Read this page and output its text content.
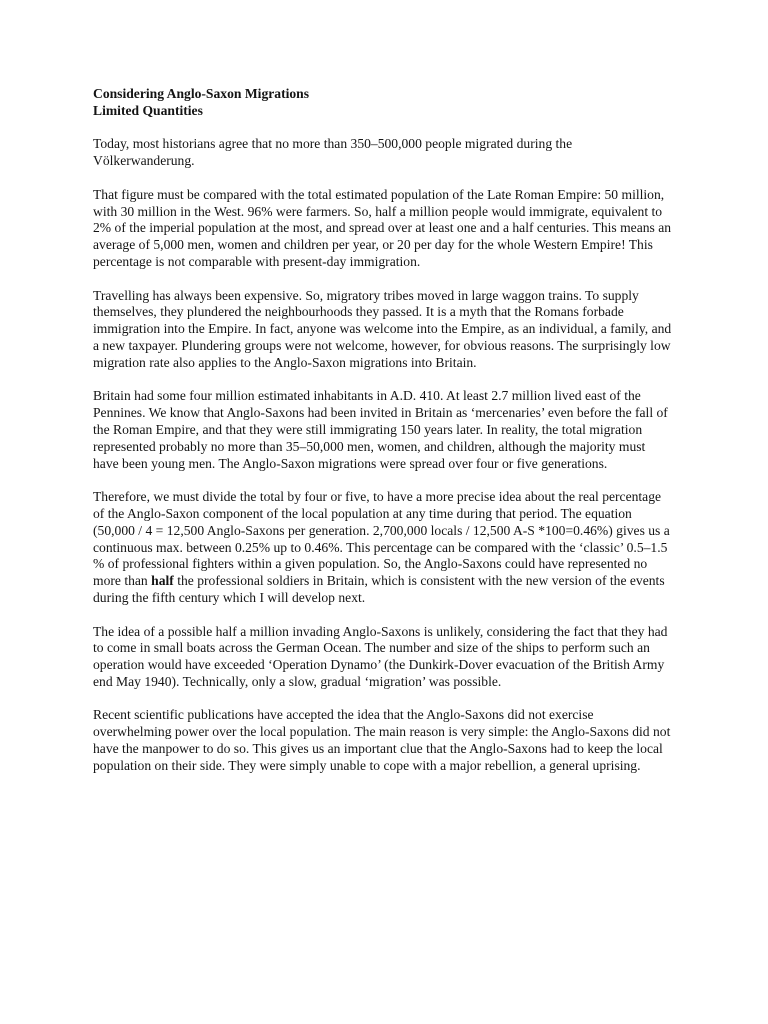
Considering Anglo-Saxon Migrations

Limited Quantities

Today, most historians agree that no more than 350–500,000 people migrated during the Völkerwanderung.

That figure must be compared with the total estimated population of the Late Roman Empire: 50 million, with 30 million in the West. 96% were farmers. So, half a million people would immigrate, equivalent to 2% of the imperial population at the most, and spread over at least one and a half centuries. This means an average of 5,000 men, women and children per year, or 20 per day for the whole Western Empire! This percentage is not comparable with present-day immigration.

Travelling has always been expensive. So, migratory tribes moved in large waggon trains. To supply themselves, they plundered the neighbourhoods they passed. It is a myth that the Romans forbade immigration into the Empire. In fact, anyone was welcome into the Empire, as an individual, a family, and a new taxpayer. Plundering groups were not welcome, however, for obvious reasons. The surprisingly low migration rate also applies to the Anglo-Saxon migrations into Britain.

Britain had some four million estimated inhabitants in A.D. 410. At least 2.7 million lived east of the Pennines. We know that Anglo-Saxons had been invited in Britain as ‘mercenaries’ even before the fall of the Roman Empire, and that they were still immigrating 150 years later. In reality, the total migration represented probably no more than 35–50,000 men, women, and children, although the majority must have been young men. The Anglo-Saxon migrations were spread over four or five generations.

Therefore, we must divide the total by four or five, to have a more precise idea about the real percentage of the Anglo-Saxon component of the local population at any time during that period. The equation (50,000 / 4 = 12,500 Anglo-Saxons per generation. 2,700,000 locals / 12,500 A-S *100=0.46%) gives us a continuous max. between 0.25% up to 0.46%. This percentage can be compared with the ‘classic’ 0.5–1.5 % of professional fighters within a given population. So, the Anglo-Saxons could have represented no more than half the professional soldiers in Britain, which is consistent with the new version of the events during the fifth century which I will develop next.

The idea of a possible half a million invading Anglo-Saxons is unlikely, considering the fact that they had to come in small boats across the German Ocean. The number and size of the ships to perform such an operation would have exceeded ‘Operation Dynamo’ (the Dunkirk-Dover evacuation of the British Army end May 1940). Technically, only a slow, gradual ‘migration’ was possible.

Recent scientific publications have accepted the idea that the Anglo-Saxons did not exercise overwhelming power over the local population. The main reason is very simple: the Anglo-Saxons did not have the manpower to do so. This gives us an important clue that the Anglo-Saxons had to keep the local population on their side. They were simply unable to cope with a major rebellion, a general uprising.
